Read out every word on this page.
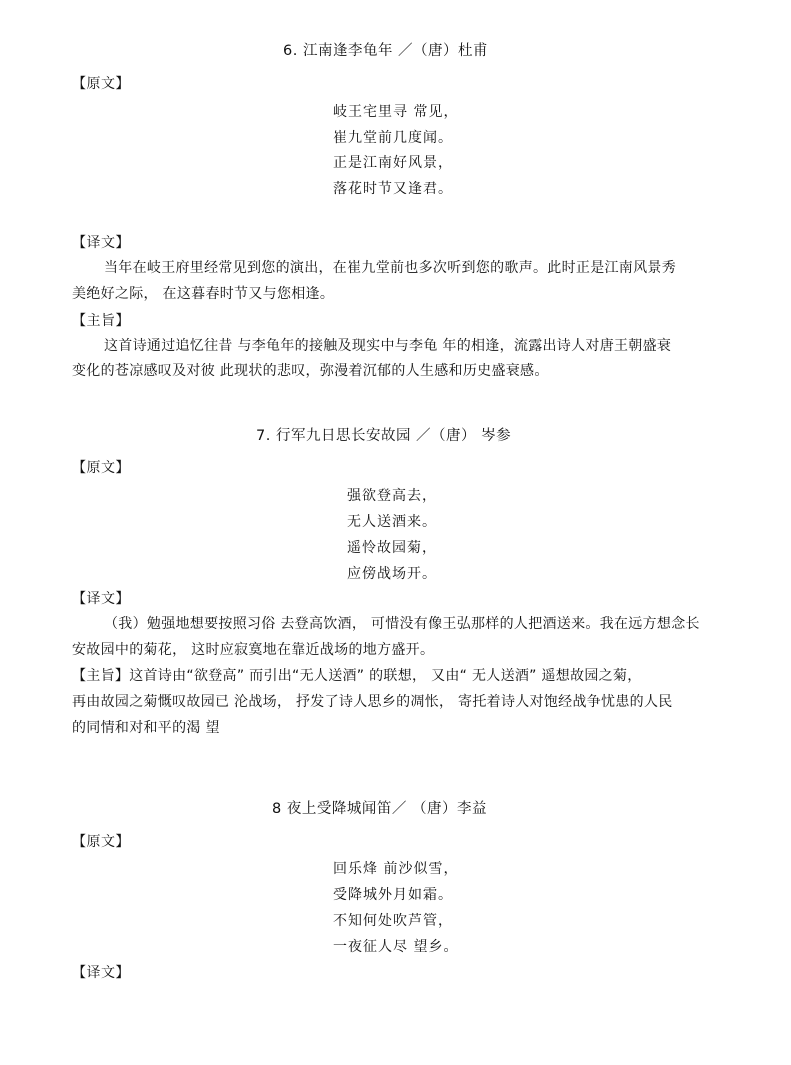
6. 江南逢李龟年 ／（唐）杜甫
【原文】
岐王宅里寻 常见，
崔九堂前几度闻。
正是江南好风景，
落花时节又逢君。
【译文】
当年在岐王府里经常见到您的演出，在崔九堂前也多次听到您的歌声。此时正是江南风景秀
美绝好之际， 在这暮春时节又与您相逢。
【主旨】
这首诗通过追忆往昔 与李龟年的接触及现实中与李龟 年的相逢，流露出诗人对唐王朝盛衰
变化的苍凉感叹及对彼 此现状的悲叹，弥漫着沉郁的人生感和历史盛衰感。
7. 行军九日思长安故园 ／（唐） 岑参
【原文】
强欲登高去，
无人送酒来。
遥怜故园菊，
应傍战场开。
【译文】
（我）勉强地想要按照习俗 去登高饮酒， 可惜没有像王弘那样的人把酒送来。我在远方想念长
安故园中的菊花， 这时应寂寞地在靠近战场的地方盛开。
【主旨】这首诗由“欲登高” 而引出“无人送酒” 的联想， 又由“ 无人送酒” 遥想故园之菊，
再由故园之菊慨叹故园已 沦战场， 抒发了诗人思乡的凋怅， 寄托着诗人对饱经战争忧患的人民
的同情和对和平的渴 望
8 夜上受降城闻笛／ （唐）李益
【原文】
回乐烽 前沙似雪，
受降城外月如霜。
不知何处吹芦管，
一夜征人尽 望乡。
【译文】
